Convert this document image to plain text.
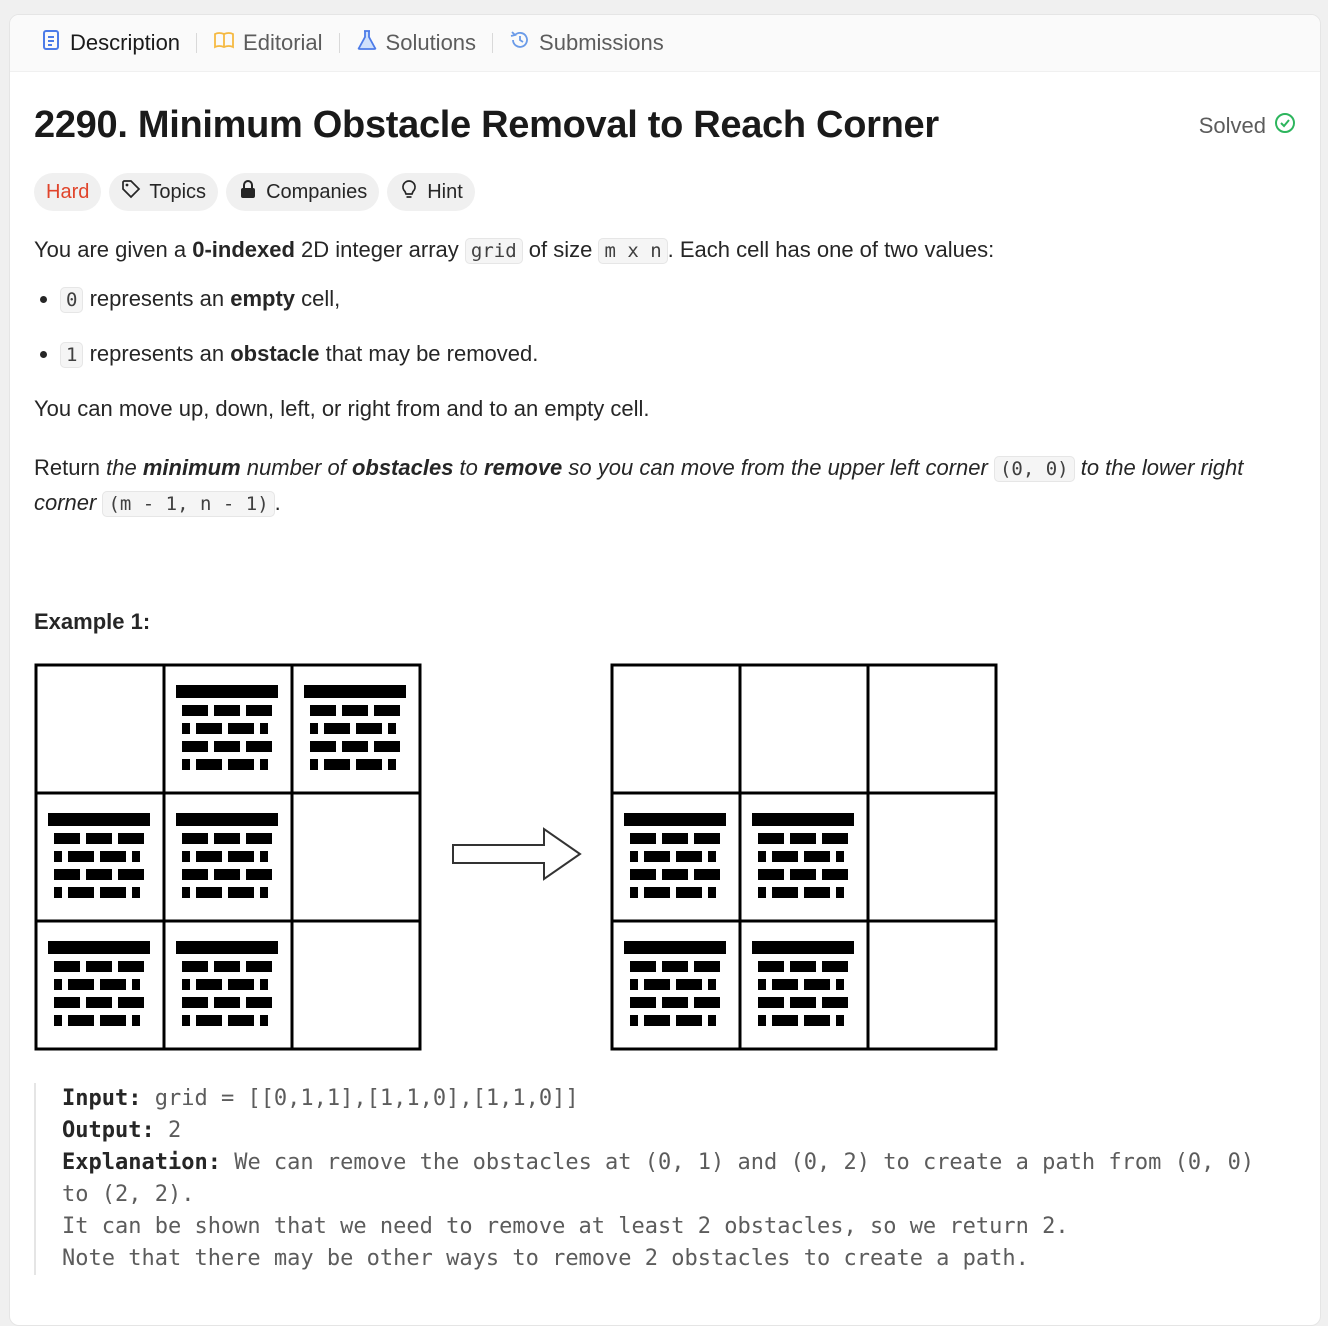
Description	Editorial	Solutions	Submissions
2290. Minimum Obstacle Removal to Reach Corner	Solved
Hard	Topics	Companies	Hint

You are given a 0-indexed 2D integer array grid of size m x n . Each cell has one of two values:

• 0 represents an empty cell,
• 1 represents an obstacle that may be removed.

You can move up, down, left, or right from and to an empty cell.

Return the minimum number of obstacles to remove so you can move from the upper left corner (0, 0) to the lower right corner (m - 1, n - 1) .

Example 1:
Input: grid = [[0,1,1],[1,1,0],[1,1,0]]
Output: 2
Explanation: We can remove the obstacles at (0, 1) and (0, 2) to create a path from (0, 0)
to (2, 2).
It can be shown that we need to remove at least 2 obstacles, so we return 2.
Note that there may be other ways to remove 2 obstacles to create a path.
